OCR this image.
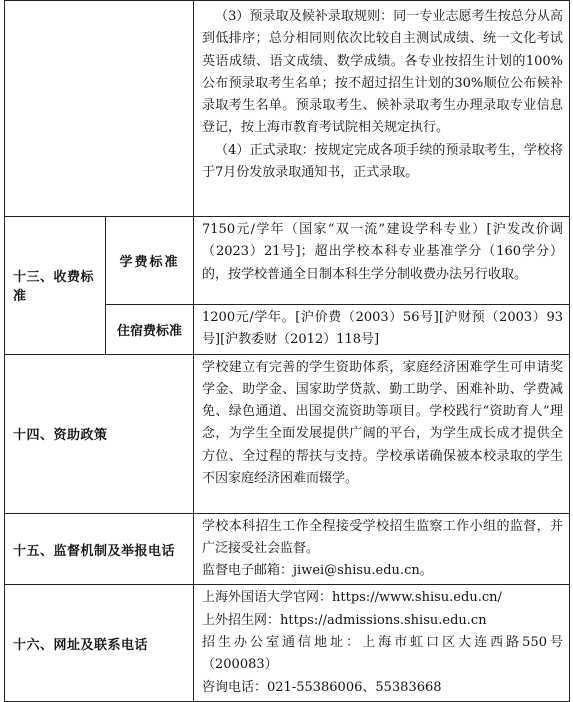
		（3）预录取及候补录取规则：同一专业志愿考生按总分从高到低排序；总分相同则依次比较自主测试成绩、统一文化考试英语成绩、语文成绩、数学成绩。各专业按招生计划的100%公布预录取考生名单；按不超过招生计划的30%顺位公布候补录取考生名单。预录取考生、候补录取考生办理录取专业信息登记，按上海市教育考试院相关规定执行。

（4）正式录取：按规定完成各项手续的预录取考生，学校将于7月份发放录取通知书，正式录取。

十三、收费标准	学费标准	7150元/学年（国家“双一流”建设学科专业）[沪发改价调（2023）21号]；超出学校本科专业基准学分（160学分）的，按学校普通全日制本科生学分制收费办法另行收取。
	住宿费标准	1200元/学年。[沪价费（2003）56号][沪财预（2003）93号][沪教委财（2012）118号]
十四、资助政策		学校建立有完善的学生资助体系，家庭经济困难学生可申请奖学金、助学金、国家助学贷款、勤工助学、困难补助、学费减免、绿色通道、出国交流资助等项目。学校践行“资助育人”理念，为学生全面发展提供广阔的平台，为学生成长成才提供全方位、全过程的帮扶与支持。学校承诺确保被本校录取的学生不因家庭经济困难而辍学。
十五、监督机制及举报电话		学校本科招生工作全程接受学校招生监察工作小组的监督，并广泛接受社会监督。

监督电子邮箱：jiwei@shisu.edu.cn。

十六、网址及联系电话		上海外国语大学官网：https://www.shisu.edu.cn/

上外招生网：https://admissions.shisu.edu.cn

招生办公室通信地址：上海市虹口区大连西路550号（200083）

咨询电话：021-55386006、55383668
